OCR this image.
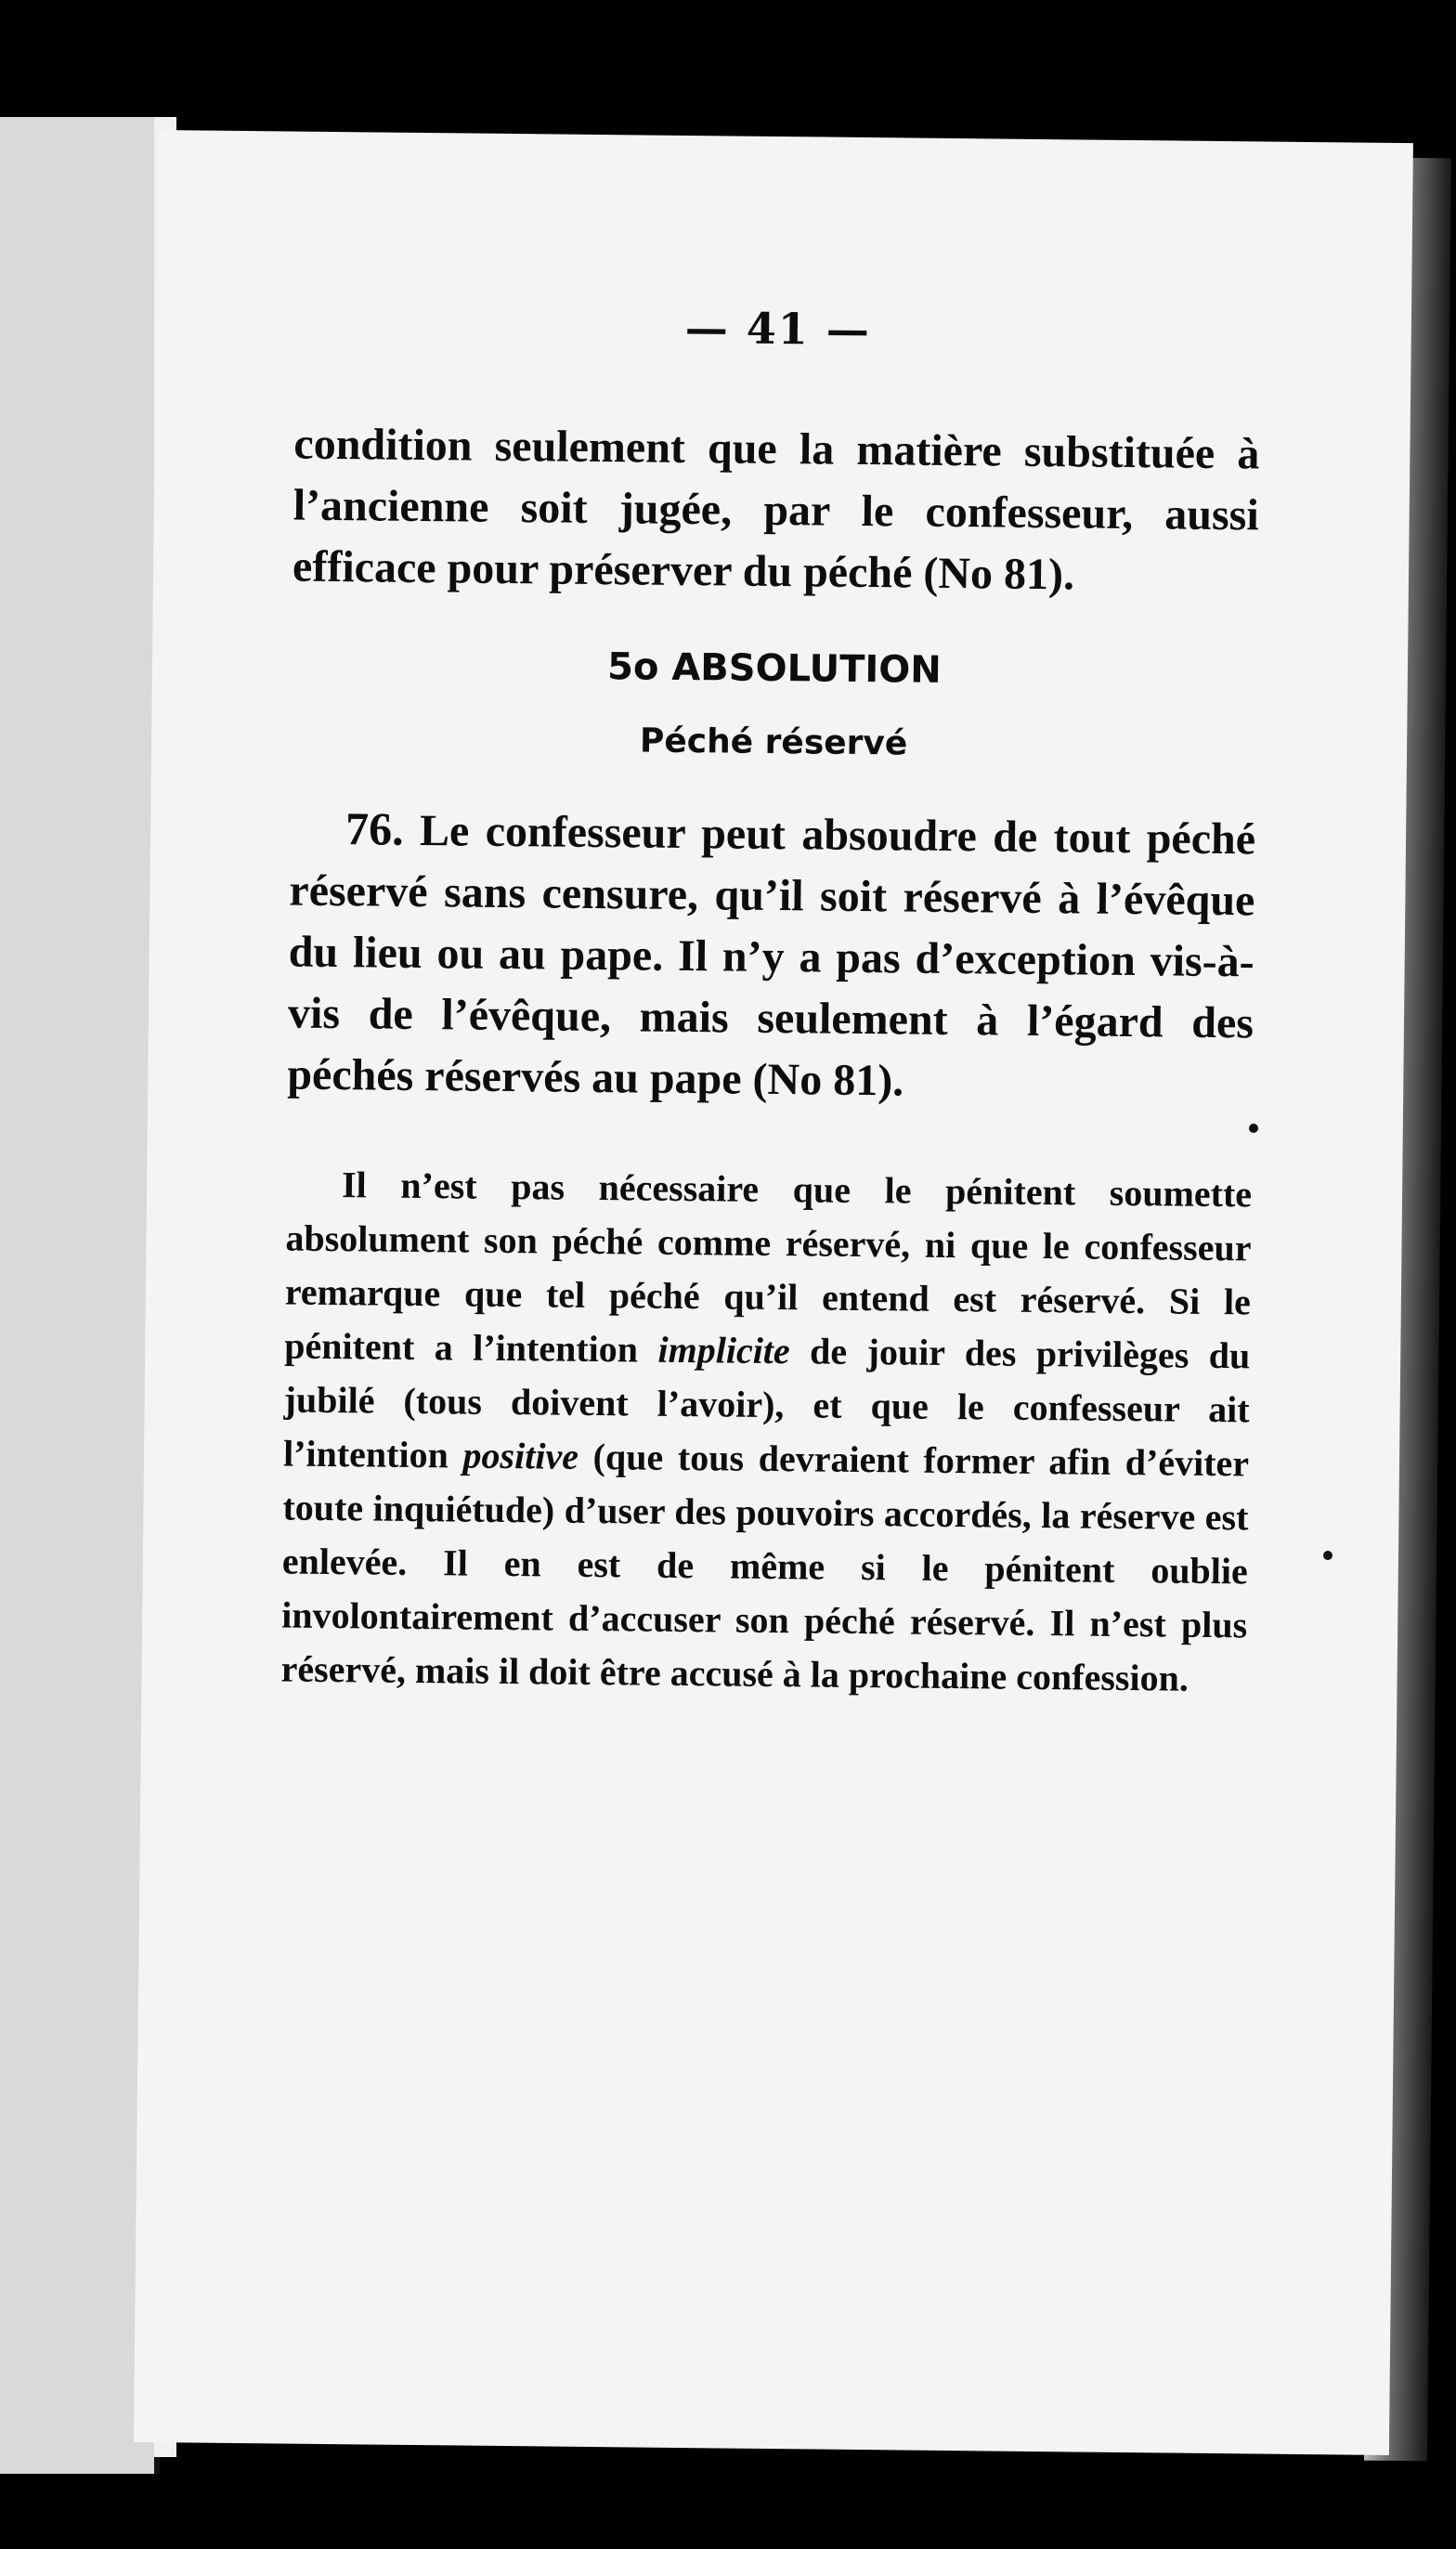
— 41 —

condition seulement que la matière substituée à l’ancienne soit jugée, par le confesseur, aussi efficace pour préserver du péché (No 81).

5o ABSOLUTION
Péché réservé

76. Le confesseur peut absoudre de tout péché réservé sans censure, qu’il soit réservé à l’évêque du lieu ou au pape. Il n’y a pas d’exception vis-à-vis de l’évêque, mais seulement à l’égard des péchés réservés au pape (No 81).

Il n’est pas nécessaire que le pénitent soumette absolument son péché comme réservé, ni que le confesseur remarque que tel péché qu’il entend est réservé. Si le pénitent a l’intention implicite de jouir des privilèges du jubilé (tous doivent l’avoir), et que le confesseur ait l’intention positive (que tous devraient former afin d’éviter toute inquiétude) d’user des pouvoirs accordés, la réserve est enlevée. Il en est de même si le pénitent oublie involontairement d’accuser son péché réservé. Il n’est plus réservé, mais il doit être accusé à la prochaine confession.
